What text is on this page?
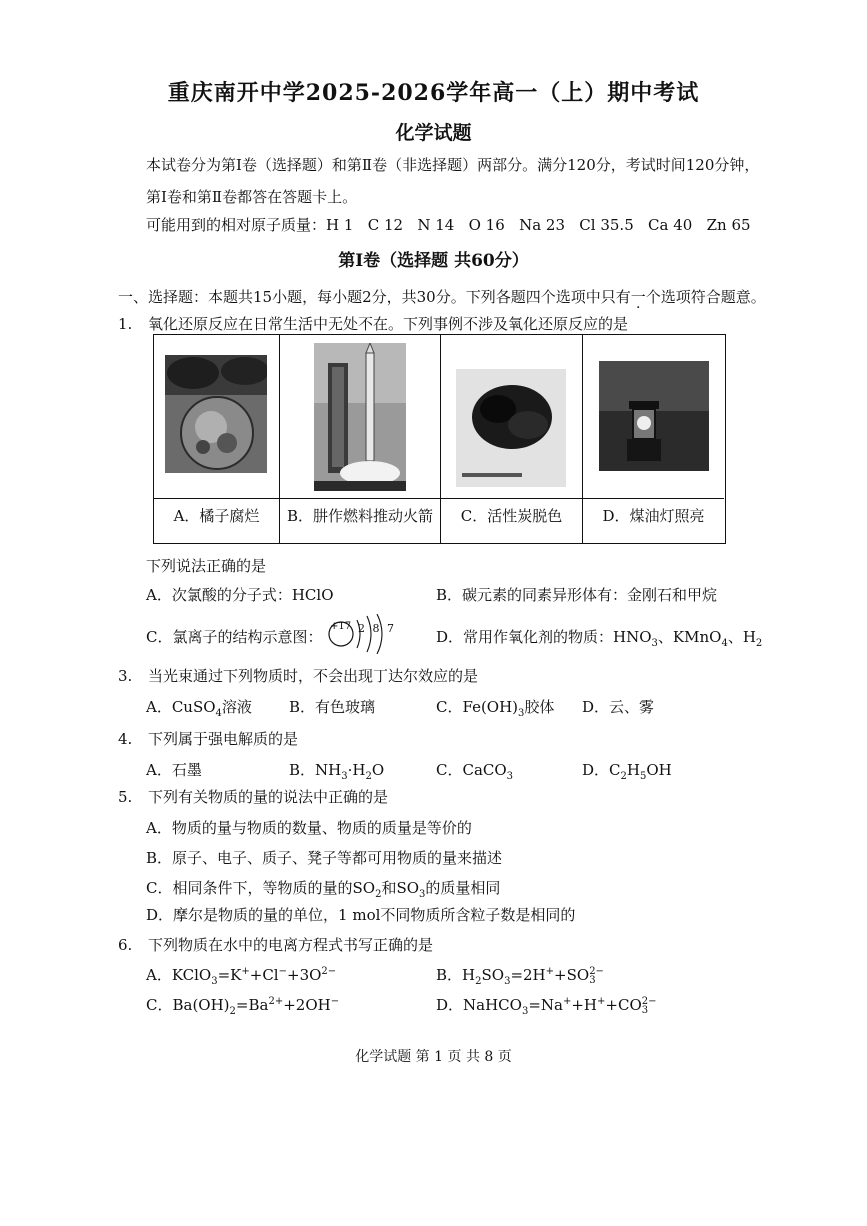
重庆南开中学2025-2026学年高一（上）期中考试
化学试题
本试卷分为第Ⅰ卷（选择题）和第Ⅱ卷（非选择题）两部分。满分120分，考试时间120分钟，
第Ⅰ卷和第Ⅱ卷都答在答题卡上。
可能用到的相对原子质量：H 1   C 12   N 14   O 16   Na 23   Cl 35.5   Ca 40   Zn 65
第Ⅰ卷（选择题 共60分）
一、选择题：本题共15小题，每小题2分，共30分。下列各题四个选项中只有一个选项符合题意。
1. 氧化还原反应在日常生活中无处不在。下列事例不涉及氧化还原反应的是
A．橘子腐烂	B．肼作燃料推动火箭	C．活性炭脱色	D．煤油灯照亮
下列说法正确的是
A．次氯酸的分子式：HClO	B．碳元素的同素异形体有：金刚石和甲烷
C．氯离子的结构示意图：
+17 2 8 7	D．常用作氧化剂的物质：$HNO_3$、KMnO$_4$、$H_2$
3. 当光束通过下列物质时，不会出现丁达尔效应的是
A．CuSO$_4$溶液 B．有色玻璃	C．$Fe(OH)_3$胶体 D．云、雾
4. 下列属于强电解质的是
A．石墨	B．$NH_3\cdot H_2O$	C．CaCO$_3$	D．$C_2H_5OH$
5. 下列有关物质的量的说法中正确的是
A．物质的量与物质的数量、物质的质量是等价的
B．原子、电子、质子、凳子等都可用物质的量来描述
C．相同条件下，等物质的量的$SO_2$和$SO_3$的质量相同
D．摩尔是物质的量的单位，1 mol不同物质所含粒子数是相同的
6. 下列物质在水中的电离方程式书写正确的是
A．$KClO_3=K^++Cl^-+3O^{2-}$	B．$H_2SO_3=2H^++SO$ 2−
3
C．$Ba(OH)_2=Ba^{2+}+2OH^-$	D．NaHCO$_3$=Na++H++CO 2−
3
化学试题 第 1 页 共 8 页
